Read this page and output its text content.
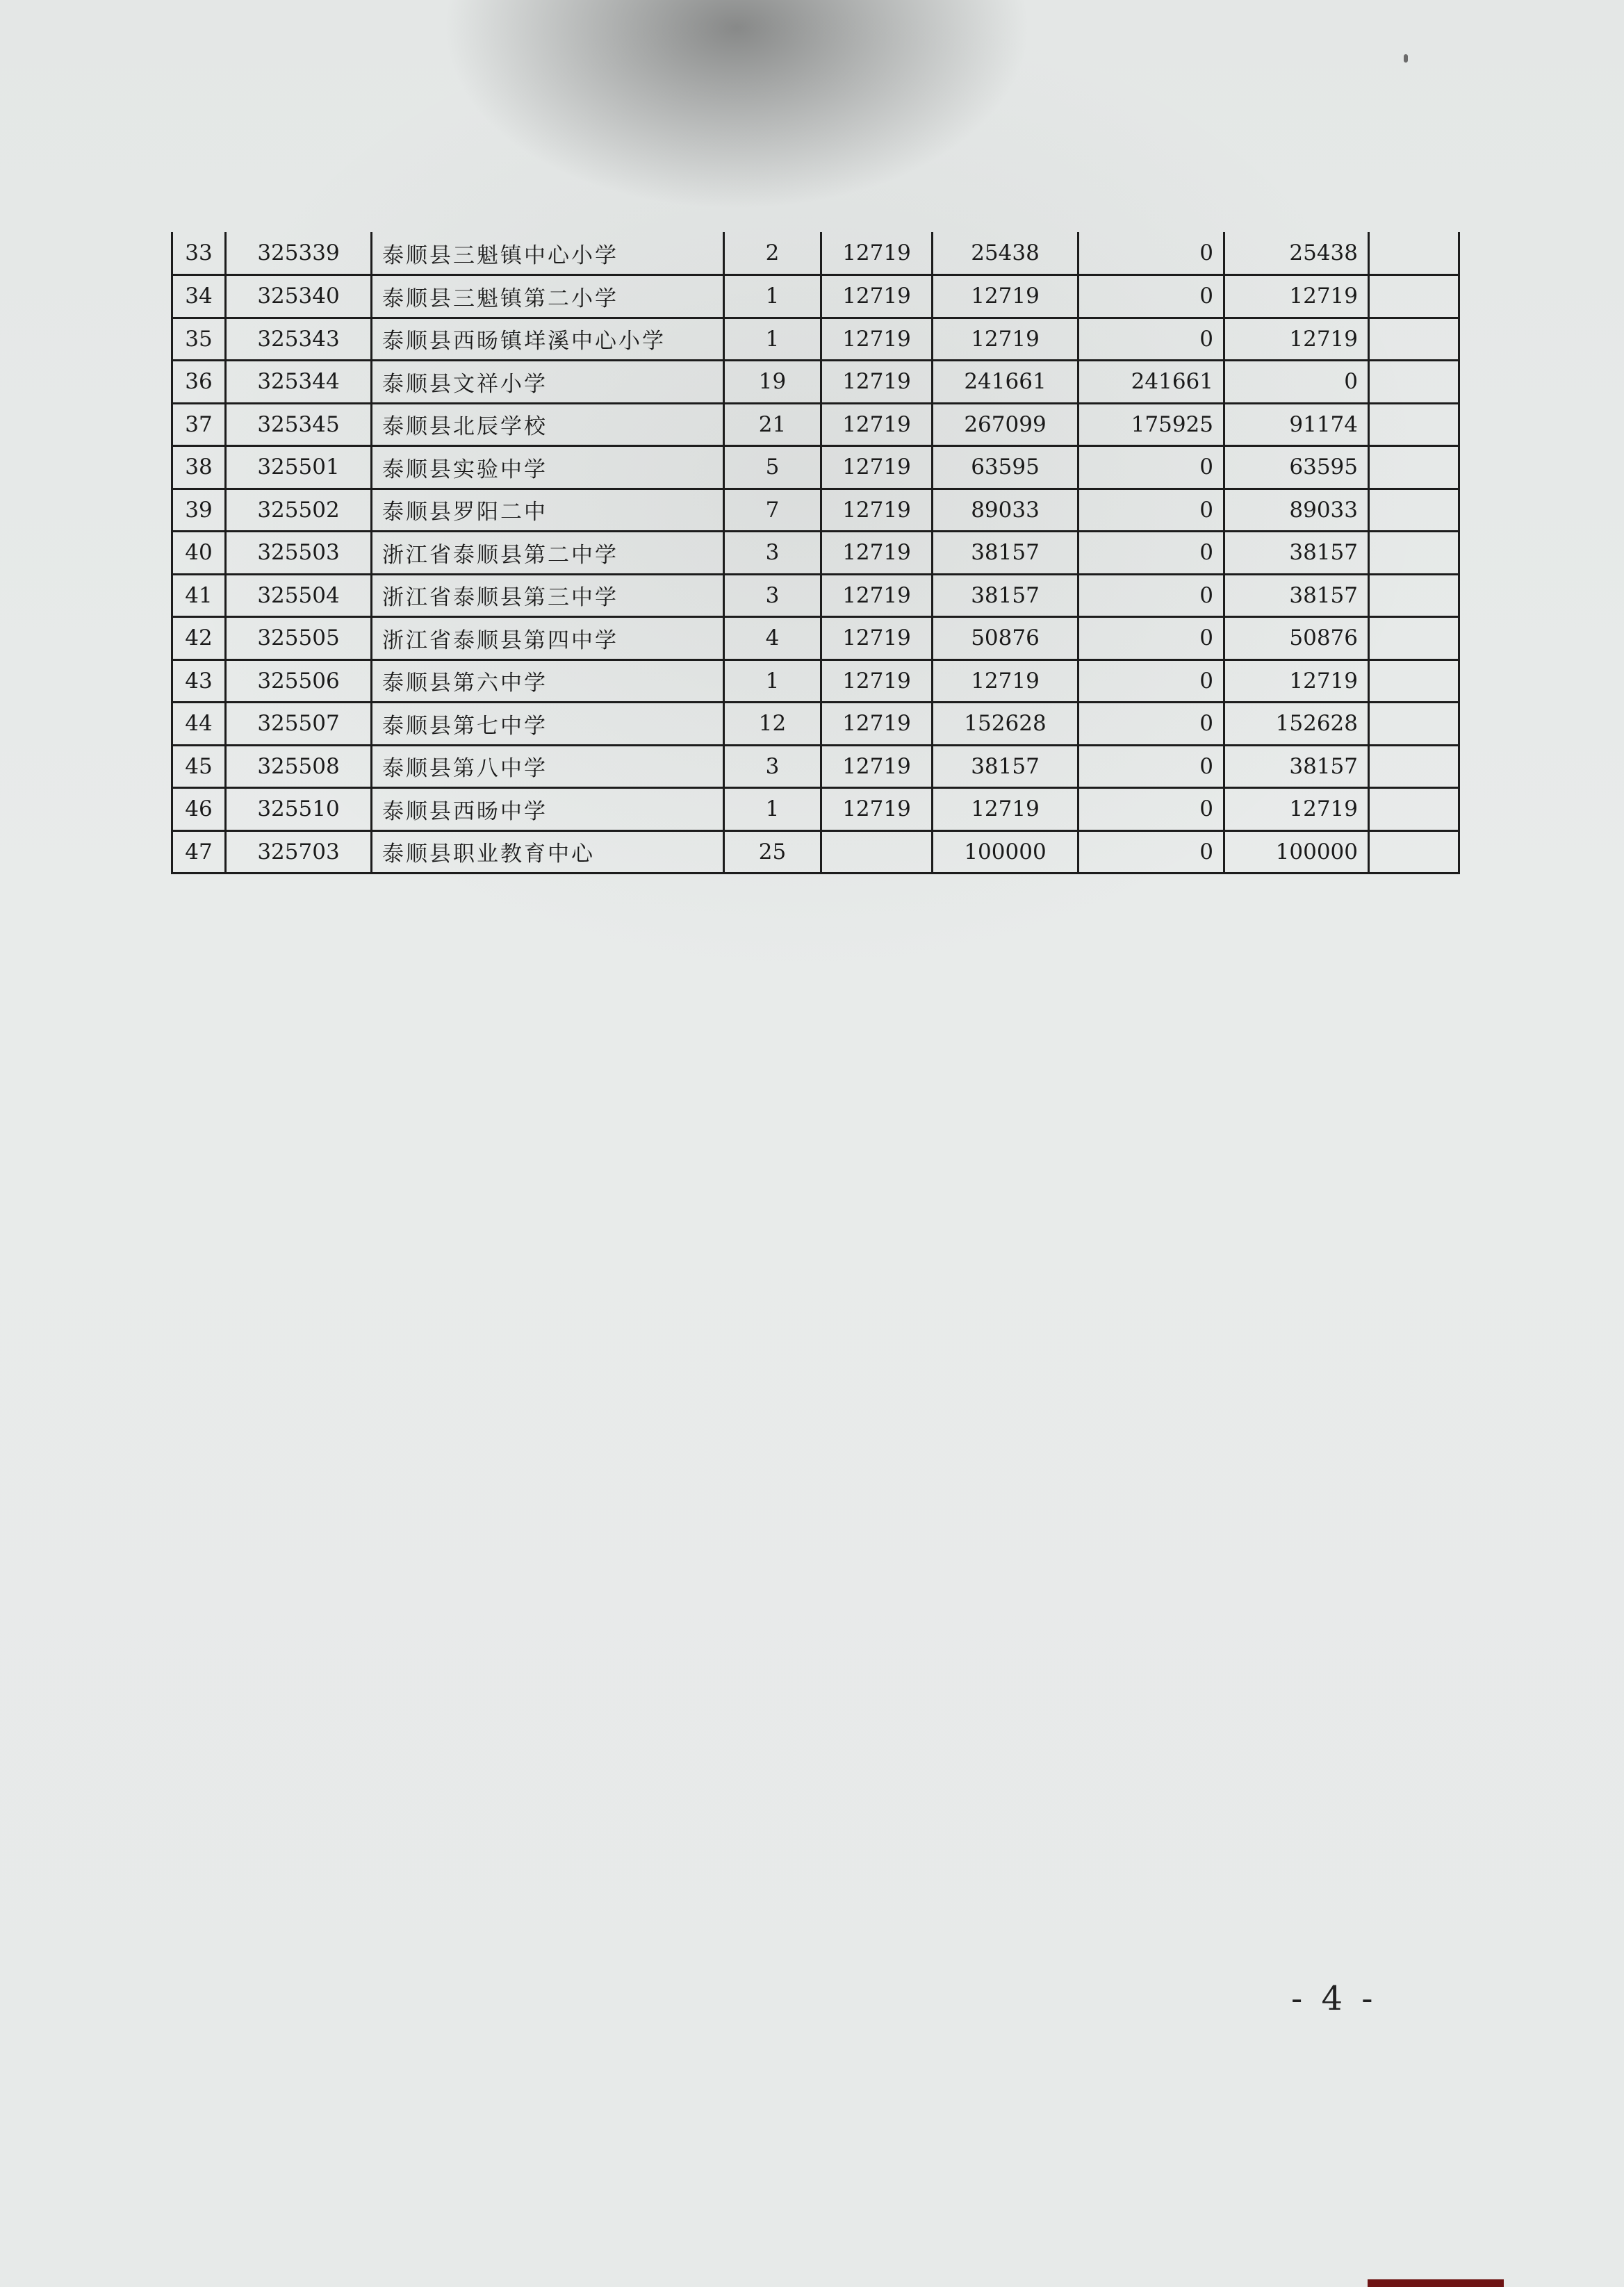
33	325339	泰顺县三魁镇中心小学	2	12719	25438	0	25438	
34	325340	泰顺县三魁镇第二小学	1	12719	12719	0	12719	
35	325343	泰顺县西旸镇垟溪中心小学	1	12719	12719	0	12719	
36	325344	泰顺县文祥小学	19	12719	241661	241661	0	
37	325345	泰顺县北辰学校	21	12719	267099	175925	91174	
38	325501	泰顺县实验中学	5	12719	63595	0	63595	
39	325502	泰顺县罗阳二中	7	12719	89033	0	89033	
40	325503	浙江省泰顺县第二中学	3	12719	38157	0	38157	
41	325504	浙江省泰顺县第三中学	3	12719	38157	0	38157	
42	325505	浙江省泰顺县第四中学	4	12719	50876	0	50876	
43	325506	泰顺县第六中学	1	12719	12719	0	12719	
44	325507	泰顺县第七中学	12	12719	152628	0	152628	
45	325508	泰顺县第八中学	3	12719	38157	0	38157	
46	325510	泰顺县西旸中学	1	12719	12719	0	12719	
47	325703	泰顺县职业教育中心	25		100000	0	100000	
- 4 -
